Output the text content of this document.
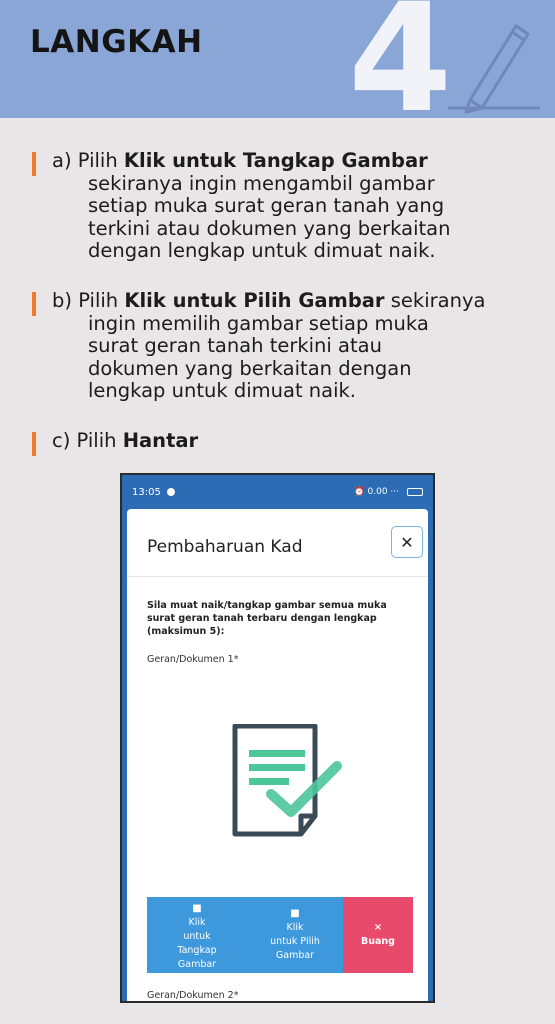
LANGKAH 4
a) Pilih Klik untuk Tangkap Gambar
sekiranya ingin mengambil gambar
setiap muka surat geran tanah yang
terkini atau dokumen yang berkaitan
dengan lengkap untuk dimuat naik.
b) Pilih Klik untuk Pilih Gambar sekiranya
ingin memilih gambar setiap muka
surat geran tanah terkini atau
dokumen yang berkaitan dengan
lengkap untuk dimuat naik.
c) Pilih Hantar
13:05	⏰ 0.00 ···
Pembaharuan Kad	✕
Sila muat naik/tangkap gambar semua muka surat geran tanah terbaru dengan lengkap (maksimun 5):
Geran/Dokumen 1*
■
Klik
untuk
Tangkap
Gambar
■
Klik
untuk Pilih
Gambar
×
Buang
Geran/Dokumen 2*
